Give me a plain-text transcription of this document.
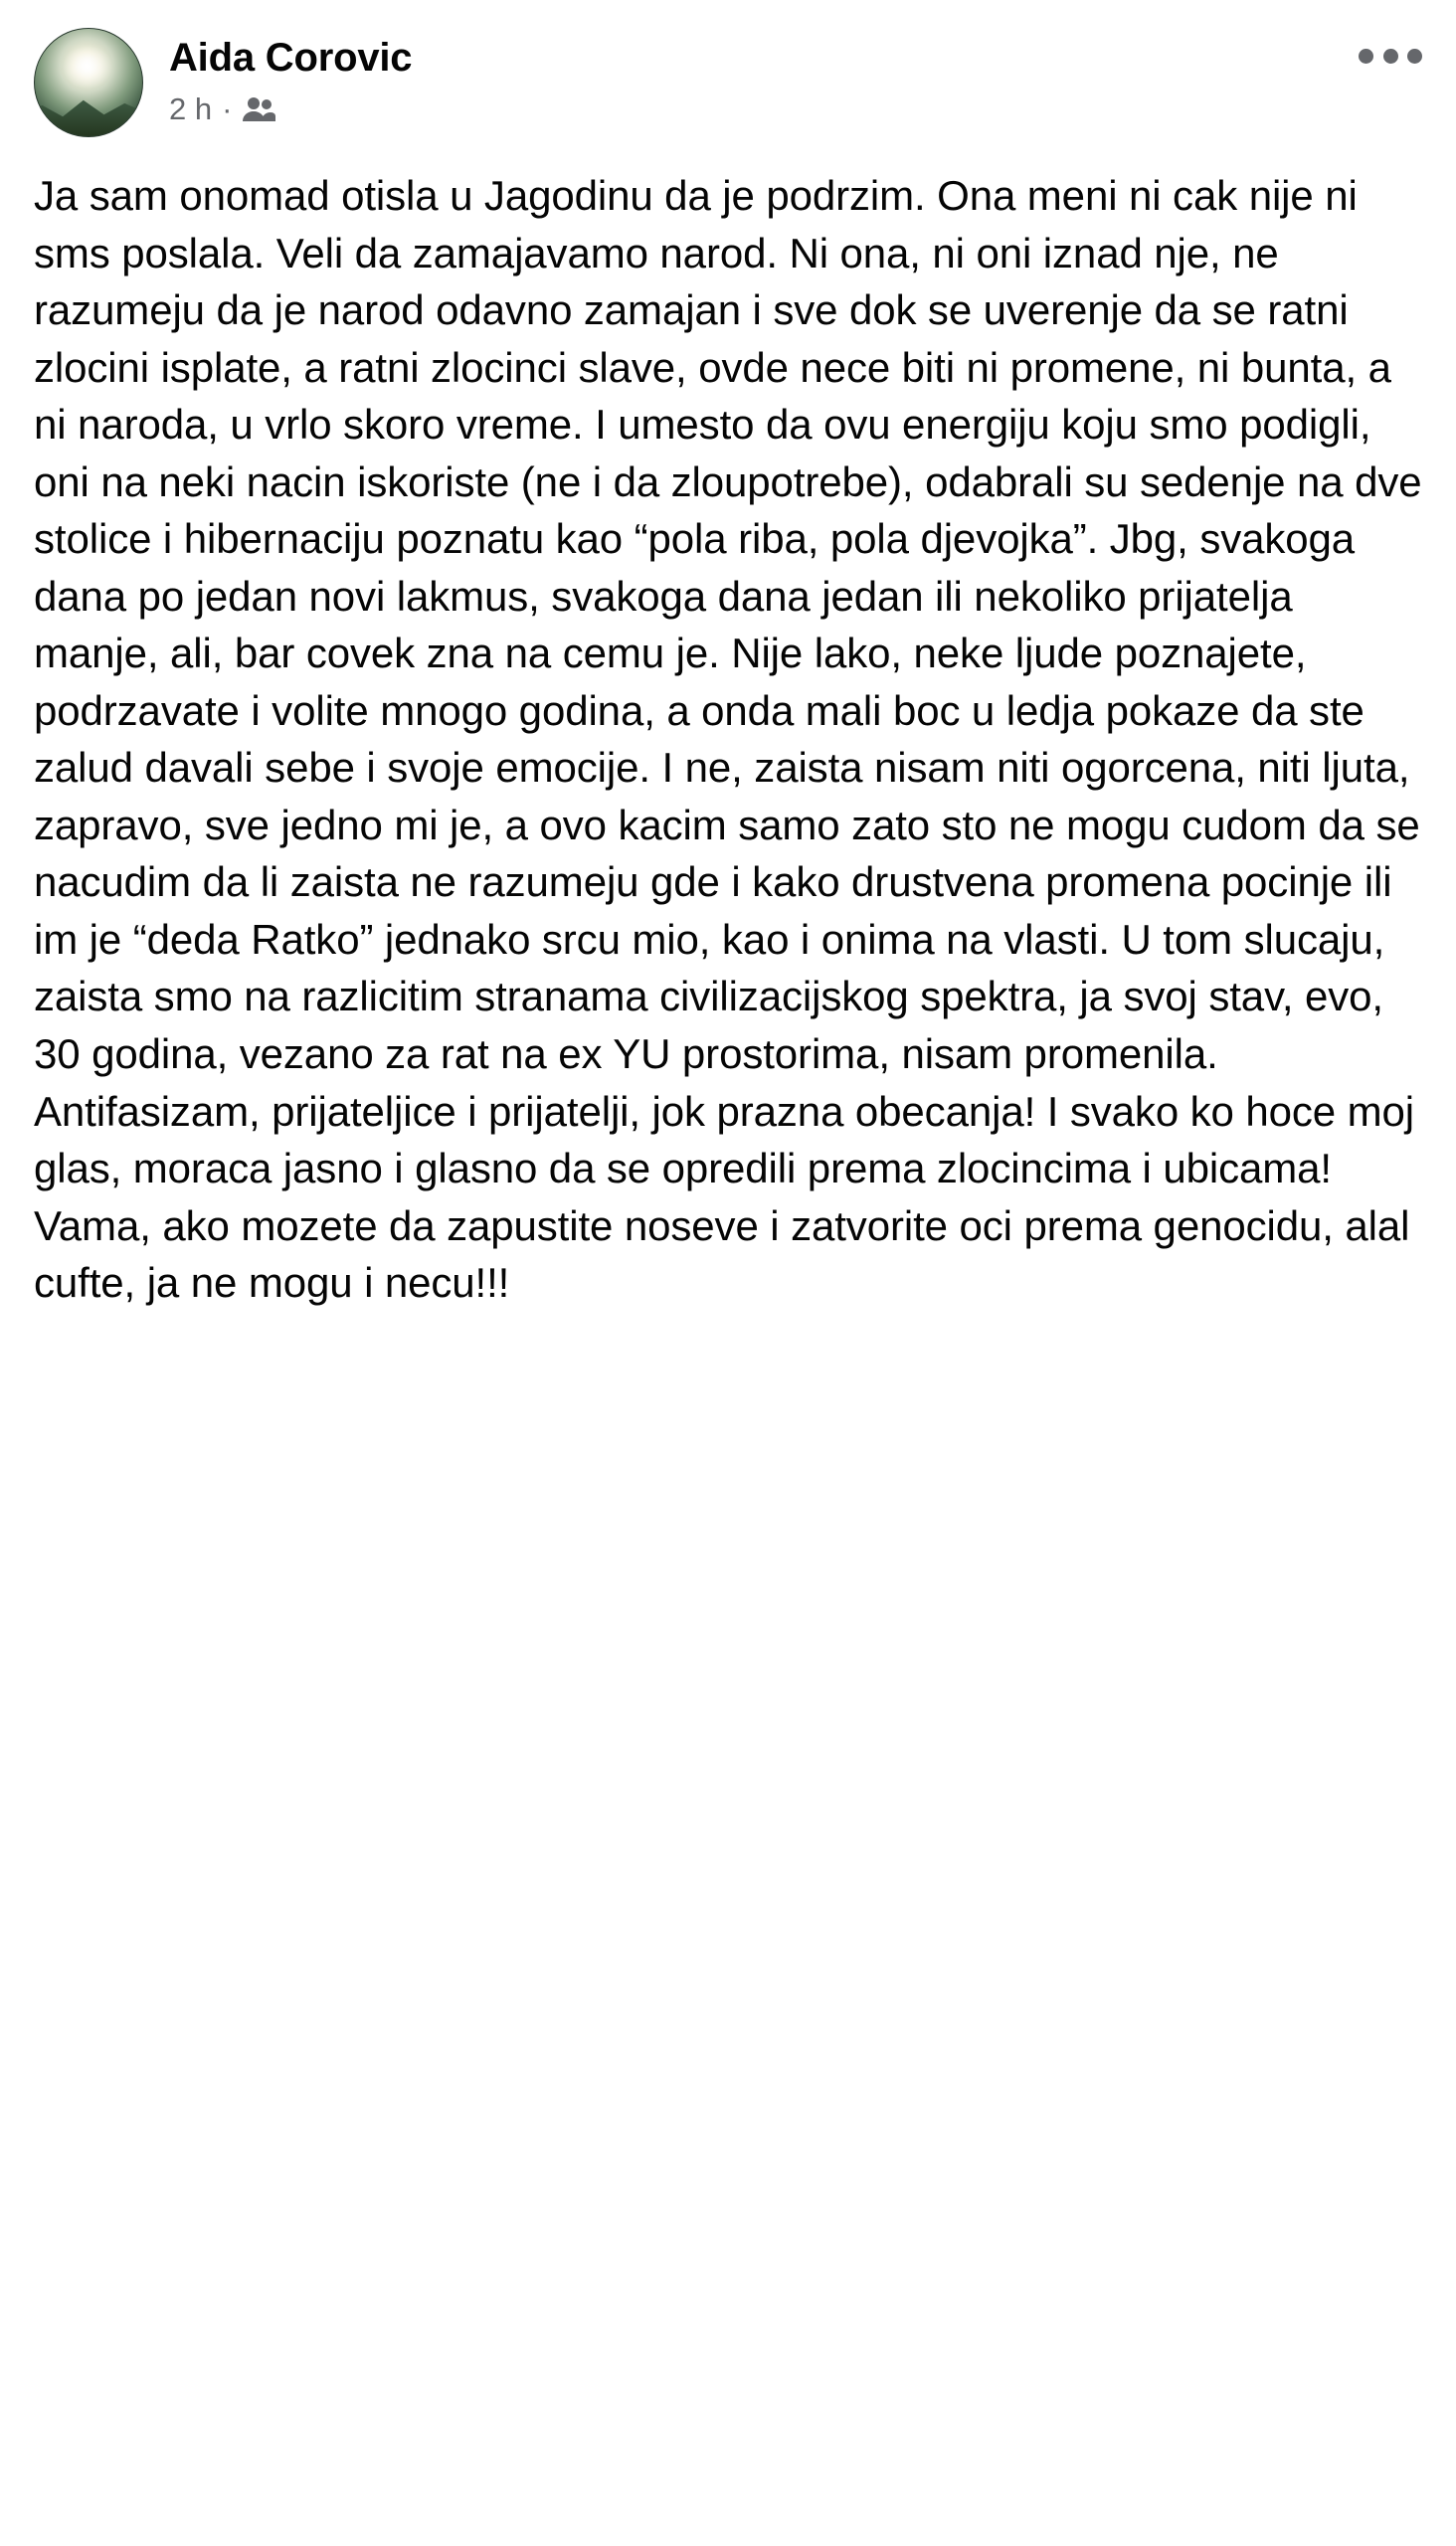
Aida Corovic
2 h ·
Ja sam onomad otisla u Jagodinu da je podrzim. Ona meni ni cak nije ni sms poslala. Veli da zamajavamo narod. Ni ona, ni oni iznad nje, ne razumeju da je narod odavno zamajan i sve dok se uverenje da se ratni zlocini isplate, a ratni zlocinci slave, ovde nece biti ni promene, ni bunta, a ni naroda, u vrlo skoro vreme. I umesto da ovu energiju koju smo podigli, oni na neki nacin iskoriste (ne i da zloupotrebe), odabrali su sedenje na dve stolice i hibernaciju poznatu kao “pola riba, pola djevojka”. Jbg, svakoga dana po jedan novi lakmus, svakoga dana jedan ili nekoliko prijatelja manje, ali, bar covek zna na cemu je. Nije lako, neke ljude poznajete, podrzavate i volite mnogo godina, a onda mali boc u ledja pokaze da ste zalud davali sebe i svoje emocije. I ne, zaista nisam niti ogorcena, niti ljuta, zapravo, sve jedno mi je, a ovo kacim samo zato sto ne mogu cudom da se nacudim da li zaista ne razumeju gde i kako drustvena promena pocinje ili im je “deda Ratko” jednako srcu mio, kao i onima na vlasti. U tom slucaju, zaista smo na razlicitim stranama civilizacijskog spektra, ja svoj stav, evo, 30 godina, vezano za rat na ex YU prostorima, nisam promenila. Antifasizam, prijateljice i prijatelji, jok prazna obecanja! I svako ko hoce moj glas, moraca jasno i glasno da se opredili prema zlocincima i ubicama! Vama, ako mozete da zapustite noseve i zatvorite oci prema genocidu, alal cufte, ja ne mogu i necu!!!
